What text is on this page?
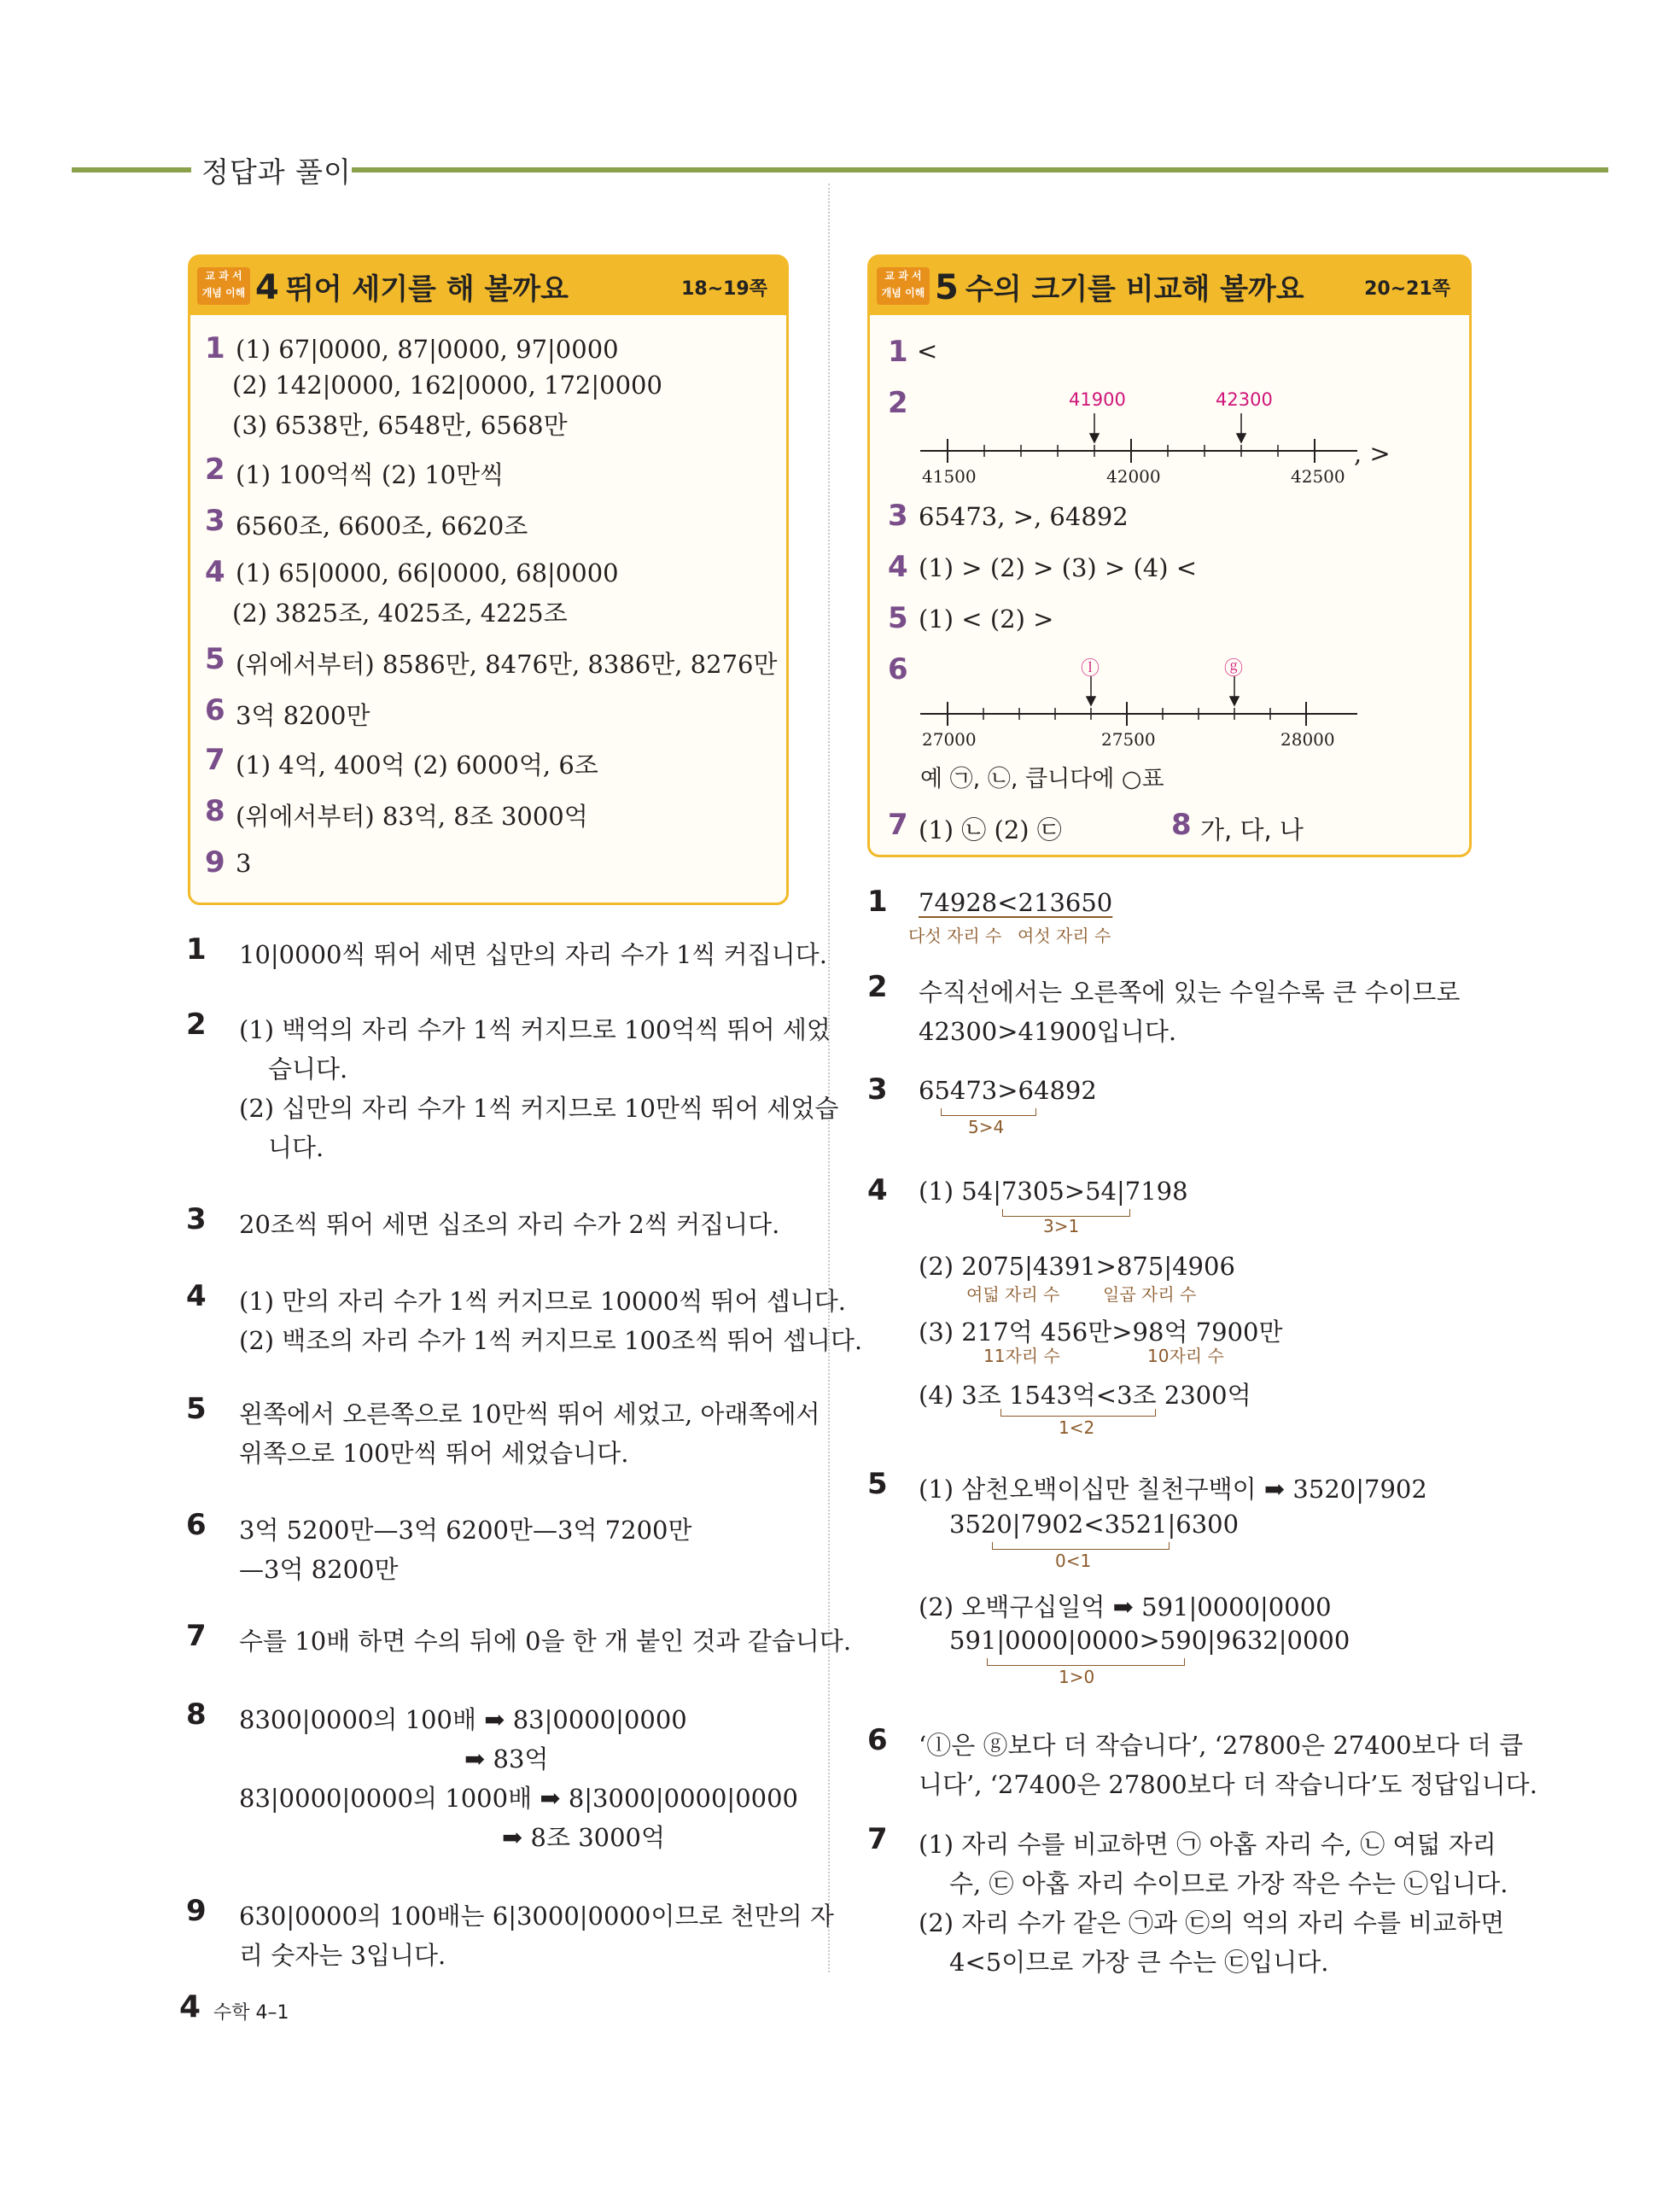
정답과 풀이
교 과 서
개념 이해 4 뛰어 세기를 해 볼까요	18~19쪽
1 (1) 67|0000, 87|0000, 97|0000
(2) 142|0000, 162|0000, 172|0000
(3) 6538만, 6548만, 6568만
2 (1) 100억씩 (2) 10만씩
3 6560조, 6600조, 6620조
4 (1) 65|0000, 66|0000, 68|0000
(2) 3825조, 4025조, 4225조
5 (위에서부터) 8586만, 8476만, 8386만, 8276만
6 3억 8200만
7 (1) 4억, 400억 (2) 6000억, 6조
8 (위에서부터) 83억, 8조 3000억
9 3
교 과 서
개념 이해 5 수의 크기를 비교해 볼까요	20~21쪽
1 <
2	41900	42300
41500	42000	42500
, >
3 65473, >, 64892
4 (1) > (2) > (3) > (4) <
5 (1) < (2) >
6	ⓛ	ⓖ
27000	27500	28000
예 ㉠, ㉡, 큽니다에 ○표
7 (1) ㉡ (2) ㉢	8 가, 다, 나
1 10|0000씩 뛰어 세면 십만의 자리 수가 1씩 커집니다.
2 (1) 백억의 자리 수가 1씩 커지므로 100억씩 뛰어 세었
습니다.
(2) 십만의 자리 수가 1씩 커지므로 10만씩 뛰어 세었습
니다.
3 20조씩 뛰어 세면 십조의 자리 수가 2씩 커집니다.
4 (1) 만의 자리 수가 1씩 커지므로 10000씩 뛰어 셉니다.
(2) 백조의 자리 수가 1씩 커지므로 100조씩 뛰어 셉니다.
5 왼쪽에서 오른쪽으로 10만씩 뛰어 세었고, 아래쪽에서
위쪽으로 100만씩 뛰어 세었습니다.
6 3억 5200만—3억 6200만—3억 7200만
—3억 8200만
7 수를 10배 하면 수의 뒤에 0을 한 개 붙인 것과 같습니다.
8 8300|0000의 100배 ➡ 83|0000|0000
➡ 83억
83|0000|0000의 1000배 ➡ 8|3000|0000|0000
➡ 8조 3000억
9 630|0000의 100배는 6|3000|0000이므로 천만의 자
리 숫자는 3입니다.
1 74928<213650
다섯 자리 수 여섯 자리 수
2 수직선에서는 오른쪽에 있는 수일수록 큰 수이므로
42300>41900입니다.
3 65473>64892
5>4
4 (1) 54|7305>54|7198
3>1
(2) 2075|4391>875|4906
여덟 자리 수	일곱 자리 수
(3) 217억 456만>98억 7900만
11자리 수	10자리 수
(4) 3조 1543억<3조 2300억
1<2
5 (1) 삼천오백이십만 칠천구백이 ➡ 3520|7902
3520|7902<3521|6300
0<1
(2) 오백구십일억 ➡ 591|0000|0000
591|0000|0000>590|9632|0000
1>0
6 ‘ⓛ은 ⓖ보다 더 작습니다’, ‘27800은 27400보다 더 큽
니다’, ‘27400은 27800보다 더 작습니다’도 정답입니다.
7 (1) 자리 수를 비교하면 ㉠ 아홉 자리 수, ㉡ 여덟 자리
수, ㉢ 아홉 자리 수이므로 가장 작은 수는 ㉡입니다.
(2) 자리 수가 같은 ㉠과 ㉢의 억의 자리 수를 비교하면
4<5이므로 가장 큰 수는 ㉢입니다.
4 수학 4–1
